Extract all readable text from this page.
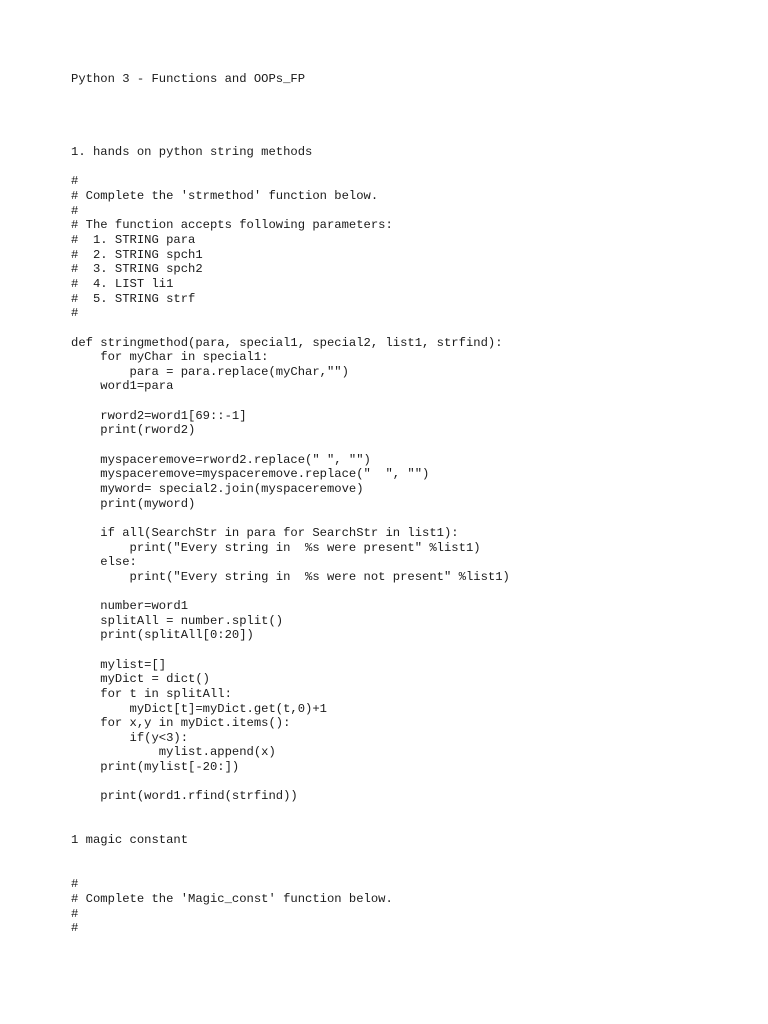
Python 3 - Functions and OOPs_FP
1. hands on python string methods
#
# Complete the 'strmethod' function below.
#
# The function accepts following parameters:
#  1. STRING para
#  2. STRING spch1
#  3. STRING spch2
#  4. LIST li1
#  5. STRING strf
#
def stringmethod(para, special1, special2, list1, strfind):
for myChar in special1:
para = para.replace(myChar,"")
word1=para
rword2=word1[69::-1]
print(rword2)
myspaceremove=rword2.replace(" ", "")
myspaceremove=myspaceremove.replace("  ", "")
myword= special2.join(myspaceremove)
print(myword)
if all(SearchStr in para for SearchStr in list1):
print("Every string in  %s were present" %list1)
else:
print("Every string in  %s were not present" %list1)
number=word1
splitAll = number.split()
print(splitAll[0:20])
mylist=[]
myDict = dict()
for t in splitAll:
myDict[t]=myDict.get(t,0)+1
for x,y in myDict.items():
if(y<3):
mylist.append(x)
print(mylist[-20:])
print(word1.rfind(strfind))
1 magic constant
#
# Complete the 'Magic_const' function below.
#
#
